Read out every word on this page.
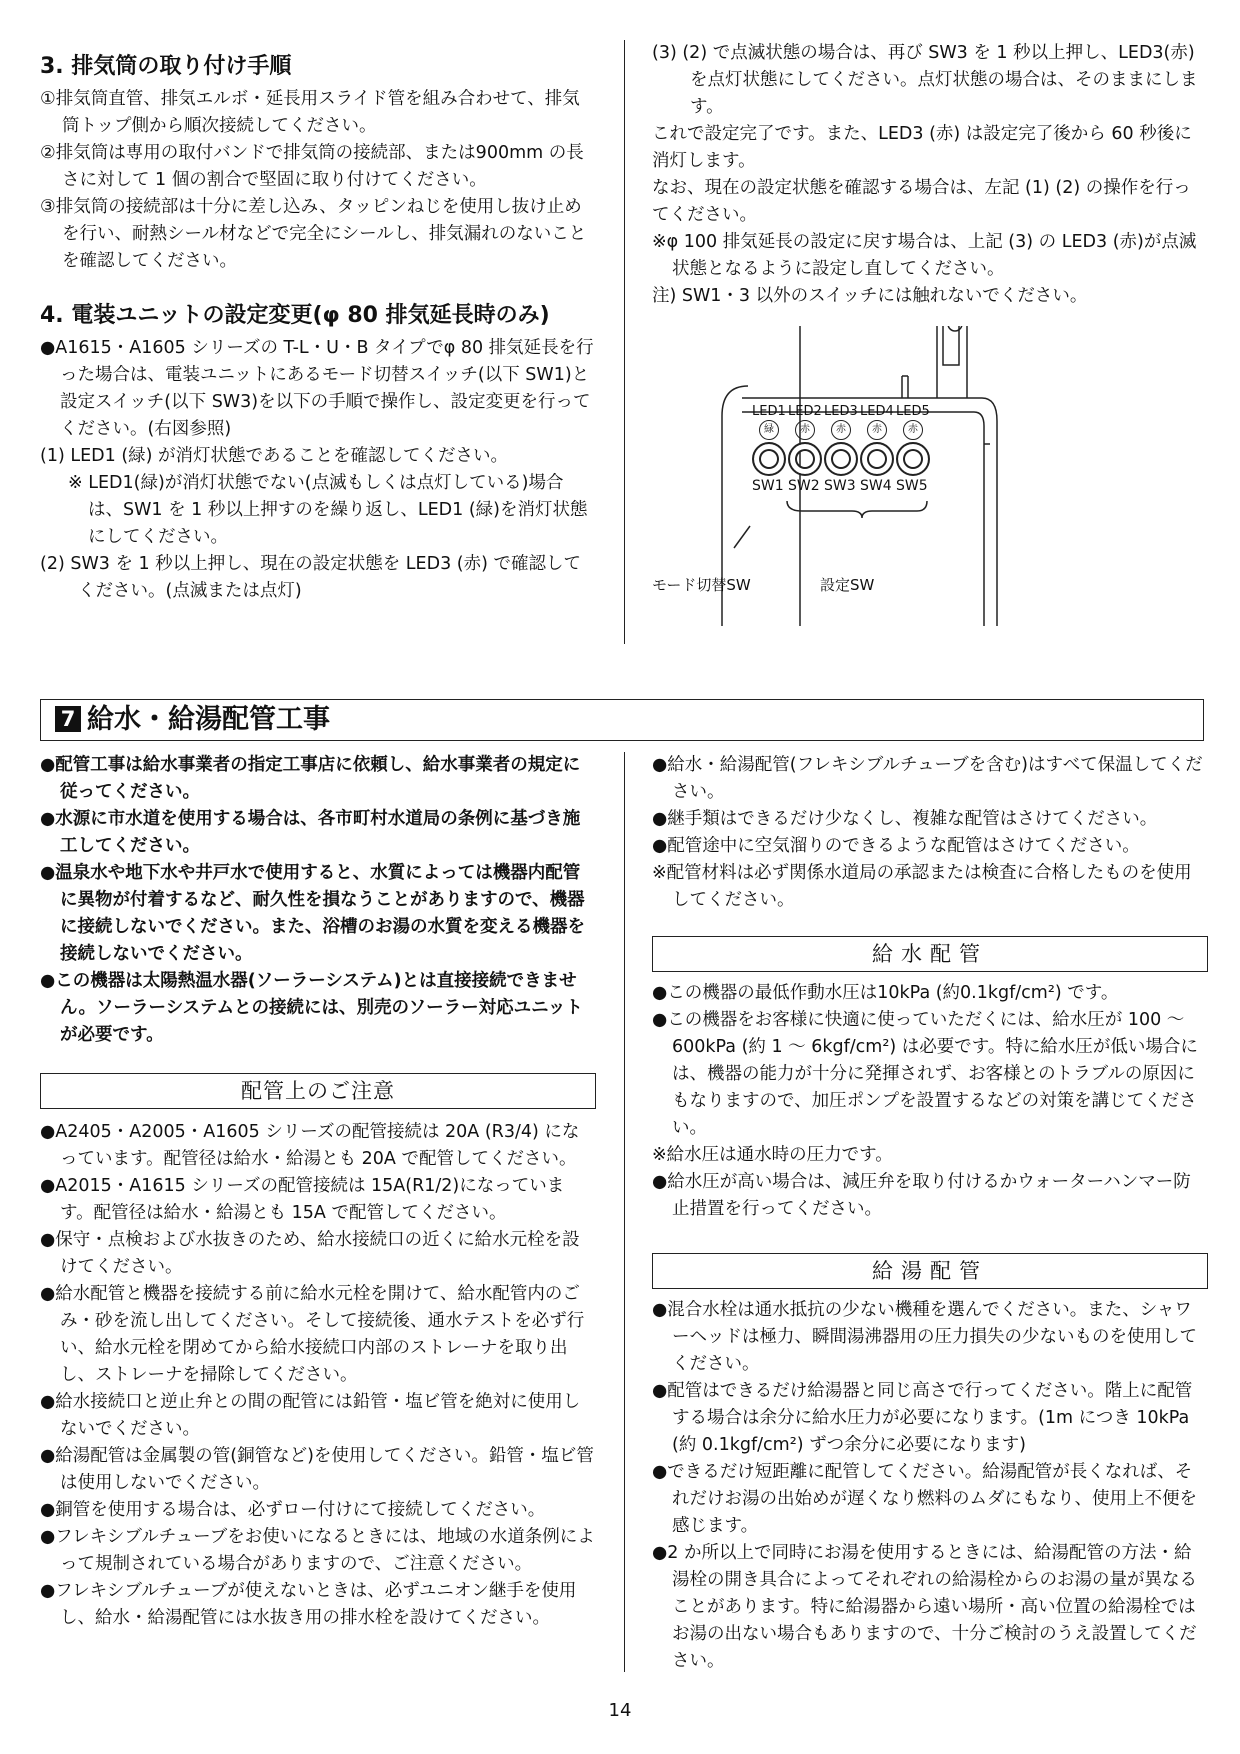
3. 排気筒の取り付け手順

①排気筒直管、排気エルボ・延長用スライド管を組み合わせて、排気筒トップ側から順次接続してください。

②排気筒は専用の取付バンドで排気筒の接続部、または900mm の長さに対して 1 個の割合で堅固に取り付けてください。

③排気筒の接続部は十分に差し込み、タッピンねじを使用し抜け止めを行い、耐熱シール材などで完全にシールし、排気漏れのないことを確認してください。

4. 電装ユニットの設定変更(φ 80 排気延長時のみ)

●A1615・A1605 シリーズの T-L・U・B タイプでφ 80 排気延長を行った場合は、電装ユニットにあるモード切替スイッチ(以下 SW1)と設定スイッチ(以下 SW3)を以下の手順で操作し、設定変更を行ってください。(右図参照)

(1) LED1 (緑) が消灯状態であることを確認してください。

※ LED1(緑)が消灯状態でない(点滅もしくは点灯している)場合は、SW1 を 1 秒以上押すのを繰り返し、LED1 (緑)を消灯状態にしてください。

(2) SW3 を 1 秒以上押し、現在の設定状態を LED3 (赤) で確認してください。(点滅または点灯)

(3) (2) で点滅状態の場合は、再び SW3 を 1 秒以上押し、LED3(赤)を点灯状態にしてください。点灯状態の場合は、そのままにします。

これで設定完了です。また、LED3 (赤) は設定完了後から 60 秒後に消灯します。

なお、現在の設定状態を確認する場合は、左記 (1) (2) の操作を行ってください。

※φ 100 排気延長の設定に戻す場合は、上記 (3) の LED3 (赤)が点滅状態となるように設定し直してください。

注) SW1・3 以外のスイッチには触れないでください。

LED1 LED2 LED3 LED4 LED5
緑	赤	赤	赤	赤
SW1 SW2 SW3 SW4 SW5
モード切替SW	設定SW
7 給水・給湯配管工事

●配管工事は給水事業者の指定工事店に依頼し、給水事業者の規定に従ってください。

●水源に市水道を使用する場合は、各市町村水道局の条例に基づき施工してください。

●温泉水や地下水や井戸水で使用すると、水質によっては機器内配管に異物が付着するなど、耐久性を損なうことがありますので、機器に接続しないでください。また、浴槽のお湯の水質を変える機器を接続しないでください。

●この機器は太陽熱温水器(ソーラーシステム)とは直接接続できません。ソーラーシステムとの接続には、別売のソーラー対応ユニットが必要です。

配管上のご注意

●A2405・A2005・A1605 シリーズの配管接続は 20A (R3/4) になっています。配管径は給水・給湯とも 20A で配管してください。

●A2015・A1615 シリーズの配管接続は 15A(R1/2)になっています。配管径は給水・給湯とも 15A で配管してください。

●保守・点検および水抜きのため、給水接続口の近くに給水元栓を設けてください。

●給水配管と機器を接続する前に給水元栓を開けて、給水配管内のごみ・砂を流し出してください。そして接続後、通水テストを必ず行い、給水元栓を閉めてから給水接続口内部のストレーナを取り出し、ストレーナを掃除してください。

●給水接続口と逆止弁との間の配管には鉛管・塩ビ管を絶対に使用しないでください。

●給湯配管は金属製の管(銅管など)を使用してください。鉛管・塩ビ管は使用しないでください。

●銅管を使用する場合は、必ずロー付けにて接続してください。

●フレキシブルチューブをお使いになるときには、地域の水道条例によって規制されている場合がありますので、ご注意ください。

●フレキシブルチューブが使えないときは、必ずユニオン継手を使用し、給水・給湯配管には水抜き用の排水栓を設けてください。

●給水・給湯配管(フレキシブルチューブを含む)はすべて保温してください。

●継手類はできるだけ少なくし、複雑な配管はさけてください。

●配管途中に空気溜りのできるような配管はさけてください。

※配管材料は必ず関係水道局の承認または検査に合格したものを使用してください。

給水配管

●この機器の最低作動水圧は10kPa (約0.1kgf/cm²) です。

●この機器をお客様に快適に使っていただくには、給水圧が 100 〜 600kPa (約 1 〜 6kgf/cm²) は必要です。特に給水圧が低い場合には、機器の能力が十分に発揮されず、お客様とのトラブルの原因にもなりますので、加圧ポンプを設置するなどの対策を講じてください。

※給水圧は通水時の圧力です。

●給水圧が高い場合は、減圧弁を取り付けるかウォーターハンマー防止措置を行ってください。

給湯配管

●混合水栓は通水抵抗の少ない機種を選んでください。また、シャワーヘッドは極力、瞬間湯沸器用の圧力損失の少ないものを使用してください。

●配管はできるだけ給湯器と同じ高さで行ってください。階上に配管する場合は余分に給水圧力が必要になります。(1m につき 10kPa (約 0.1kgf/cm²) ずつ余分に必要になります)

●できるだけ短距離に配管してください。給湯配管が長くなれば、それだけお湯の出始めが遅くなり燃料のムダにもなり、使用上不便を感じます。

●2 か所以上で同時にお湯を使用するときには、給湯配管の方法・給湯栓の開き具合によってそれぞれの給湯栓からのお湯の量が異なることがあります。特に給湯器から遠い場所・高い位置の給湯栓ではお湯の出ない場合もありますので、十分ご検討のうえ設置してください。

14
